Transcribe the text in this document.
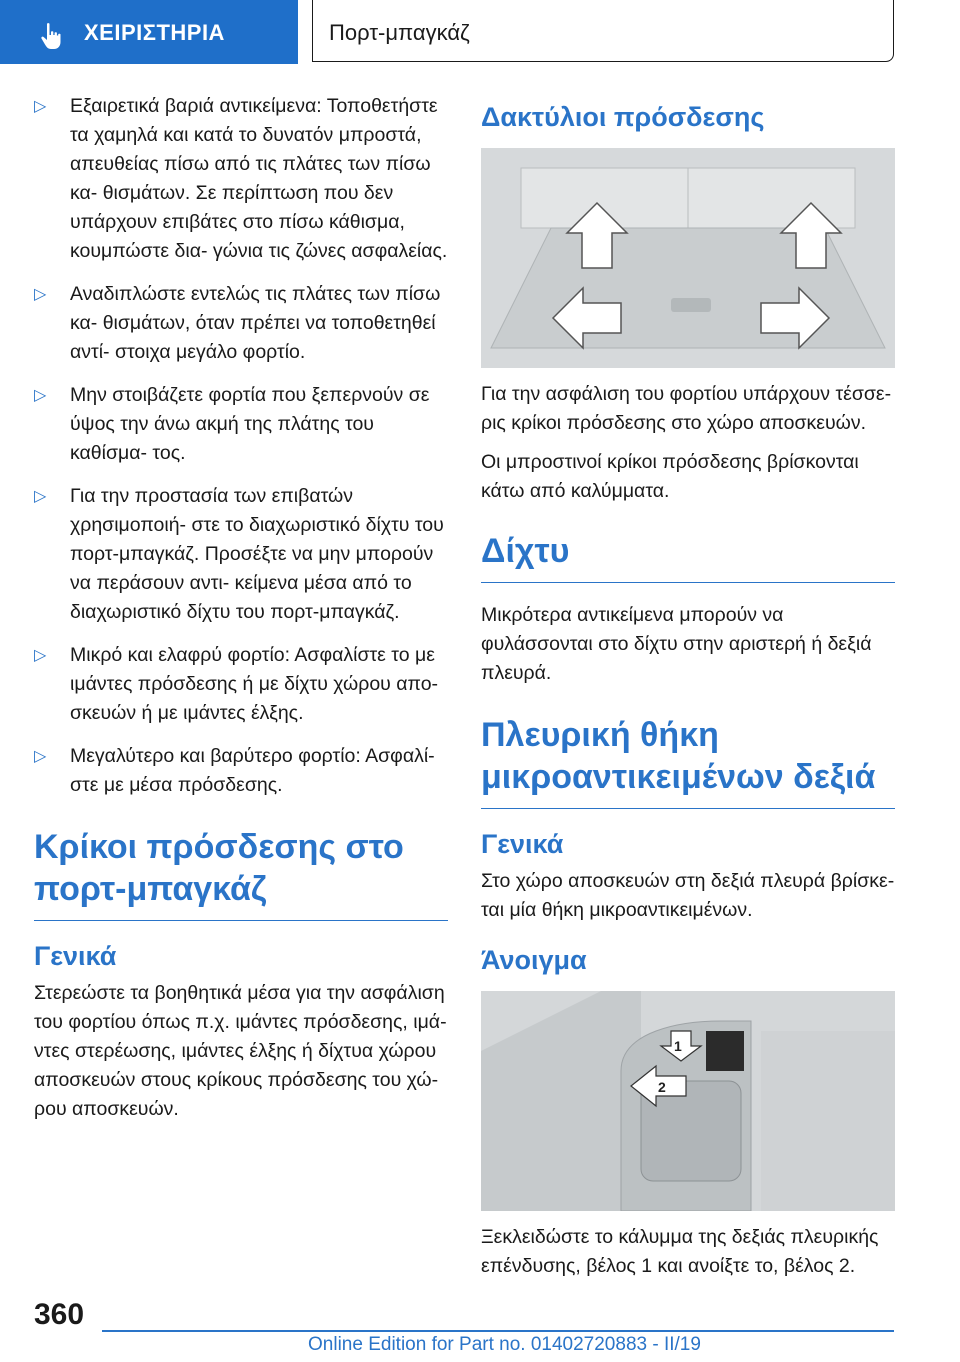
ΧΕΙΡΙΣΤΗΡΙΑ	Πορτ-μπαγκάζ
▷	Εξαιρετικά βαριά αντικείμενα: Τοποθετήστε τα χαμηλά και κατά το δυνατόν μπροστά, απευθείας πίσω από τις πλάτες των πίσω κα- θισμάτων. Σε περίπτωση που δεν υπάρχουν επιβάτες στο πίσω κάθισμα, κουμπώστε δια- γώνια τις ζώνες ασφαλείας.
▷	Αναδιπλώστε εντελώς τις πλάτες των πίσω κα- θισμάτων, όταν πρέπει να τοποθετηθεί αντί- στοιχα μεγάλο φορτίο.
▷	Μην στοιβάζετε φορτία που ξεπερνούν σε ύψος την άνω ακμή της πλάτης του καθίσμα- τος.
▷	Για την προστασία των επιβατών χρησιμοποιή- στε το διαχωριστικό δίχτυ του πορτ-μπαγκάζ. Προσέξτε να μην μπορούν να περάσουν αντι- κείμενα μέσα από το διαχωριστικό δίχτυ του πορτ-μπαγκάζ.
▷	Μικρό και ελαφρύ φορτίο: Ασφαλίστε το με ιμάντες πρόσδεσης ή με δίχτυ χώρου απο- σκευών ή με ιμάντες έλξης.
▷	Μεγαλύτερο και βαρύτερο φορτίο: Ασφαλί- στε με μέσα πρόσδεσης.
Κρίκοι πρόσδεσης στο πορτ-μπαγκάζ
Γενικά
Στερεώστε τα βοηθητικά μέσα για την ασφάλιση του φορτίου όπως π.χ. ιμάντες πρόσδεσης, ιμά- ντες στερέωσης, ιμάντες έλξης ή δίχτυα χώρου αποσκευών στους κρίκους πρόσδεσης του χώ- ρου αποσκευών.
Δακτύλιοι πρόσδεσης
Για την ασφάλιση του φορτίου υπάρχουν τέσσε- ρις κρίκοι πρόσδεσης στο χώρο αποσκευών.
Οι μπροστινοί κρίκοι πρόσδεσης βρίσκονται κάτω από καλύμματα.
Δίχτυ
Μικρότερα αντικείμενα μπορούν να φυλάσσονται στο δίχτυ στην αριστερή ή δεξιά πλευρά.
Πλευρική θήκη μικροαντικειμένων δεξιά
Γενικά
Στο χώρο αποσκευών στη δεξιά πλευρά βρίσκε- ται μία θήκη μικροαντικειμένων.
Άνοιγμα
1
2
Ξεκλειδώστε το κάλυμμα της δεξιάς πλευρικής επένδυσης, βέλος 1 και ανοίξτε το, βέλος 2.
360
Online Edition for Part no. 01402720883 - II/19
